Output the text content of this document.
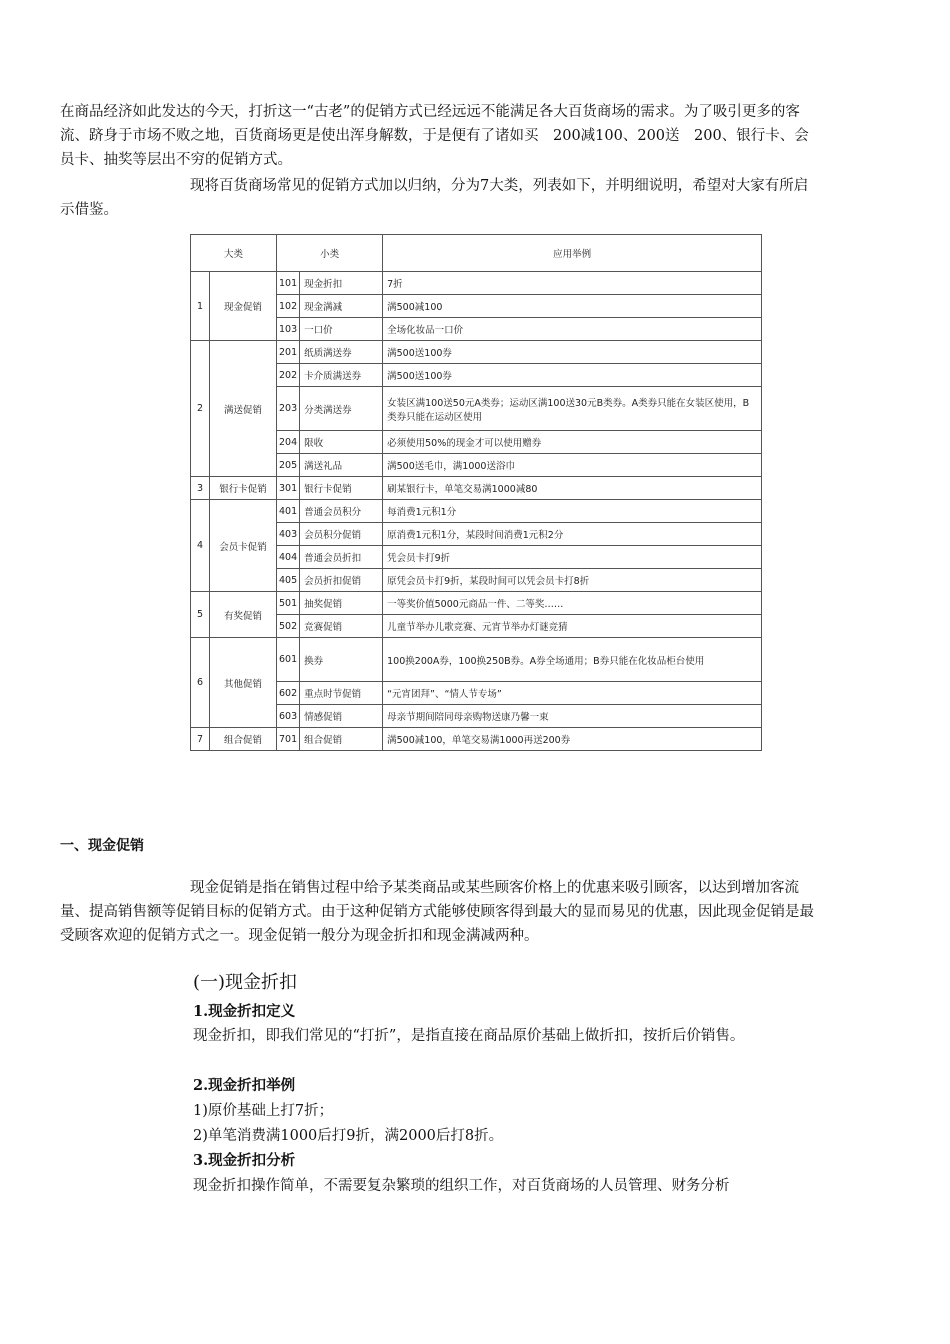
在商品经济如此发达的今天，打折这一“古老”的促销方式已经远远不能满足各大百货商场的需求。为了吸引更多的客流、跻身于市场不败之地，百货商场更是使出浑身解数，于是便有了诸如买　200减100、200送　200、银行卡、会员卡、抽奖等层出不穷的促销方式。
现将百货商场常见的促销方式加以归纳，分为7大类，列表如下，并明细说明，希望对大家有所启示借鉴。
大类		小类		应用举例
1	现金促销	101	现金折扣	7折
		102	现金满减	满500减100
		103	一口价	全场化妆品一口价
2	满送促销	201	纸质满送券	满500送100券
		202	卡介质满送券	满500送100券
		203	分类满送券	女装区满100送50元A类券；运动区满100送30元B类券。A类券只能在女装区使用，B类券只能在运动区使用
		204	限收	必须使用50%的现金才可以使用赠券
		205	满送礼品	满500送毛巾，满1000送浴巾
3	银行卡促销	301	银行卡促销	刷某银行卡，单笔交易满1000减80
4	会员卡促销	401	普通会员积分	每消费1元积1分
		403	会员积分促销	原消费1元积1分，某段时间消费1元积2分
		404	普通会员折扣	凭会员卡打9折
		405	会员折扣促销	原凭会员卡打9折，某段时间可以凭会员卡打8折
5	有奖促销	501	抽奖促销	一等奖价值5000元商品一件、二等奖……
		502	竞赛促销	儿童节举办儿歌竞赛、元宵节举办灯谜竞猜
6	其他促销	601	换券	100换200A券，100换250B券。A券全场通用；B券只能在化妆品柜台使用
		602	重点时节促销	“元宵团拜”、“情人节专场”
		603	情感促销	母亲节期间陪同母亲购物送康乃馨一束
7	组合促销	701	组合促销	满500减100，单笔交易满1000再送200券
一、现金促销
现金促销是指在销售过程中给予某类商品或某些顾客价格上的优惠来吸引顾客，以达到增加客流量、提高销售额等促销目标的促销方式。由于这种促销方式能够使顾客得到最大的显而易见的优惠，因此现金促销是最受顾客欢迎的促销方式之一。现金促销一般分为现金折扣和现金满减两种。
(一)现金折扣
1.现金折扣定义
现金折扣，即我们常见的“打折”，是指直接在商品原价基础上做折扣，按折后价销售。
2.现金折扣举例
1)原价基础上打7折；
2)单笔消费满1000后打9折，满2000后打8折。
3.现金折扣分析
现金折扣操作简单，不需要复杂繁琐的组织工作，对百货商场的人员管理、财务分析
